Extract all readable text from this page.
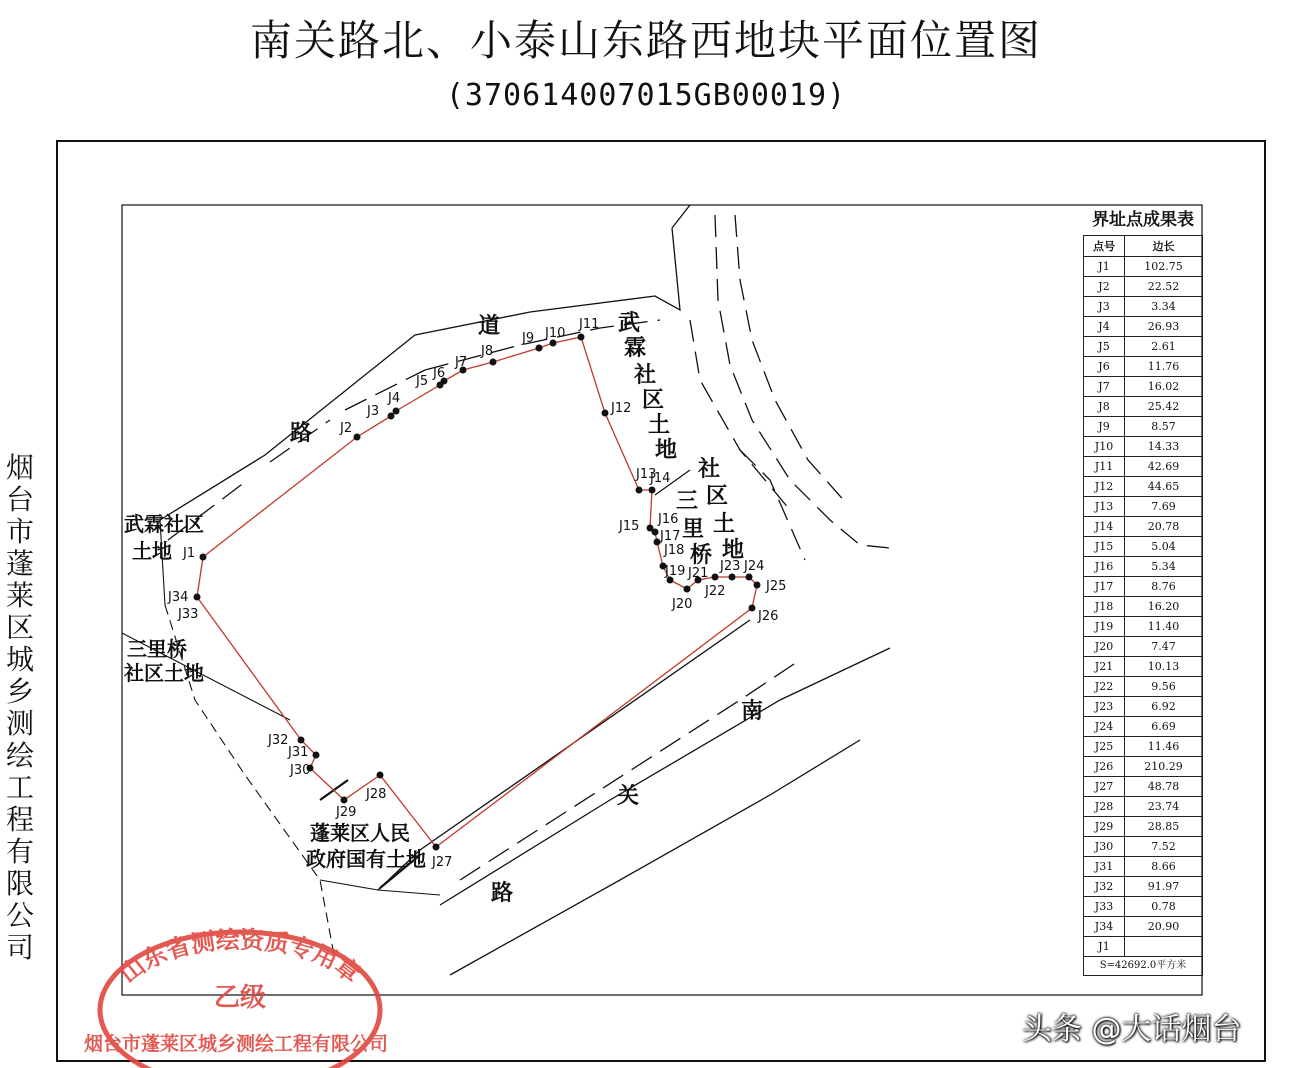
南关路北、小泰山东路西地块平面位置图
(370614007015GB00019)
烟台市蓬莱区城乡测绘工程有限公司
J1
J2
J3
J4
J5
J6
J7
J8
J9 J10
J11
J12
J13
J14
J15 J16
J17
J18
J19
J20
J21
J22
J23 J24
J25
J26
J27
J28
J29
J30
J31
J32
J33
J34
道
路
南
关
路
武霖社区
土地
武
霖
社
区
土
地
社
区
土
地
三
里
桥
三里桥
社区土地
蓬莱区人民
政府国有土地
山东省测绘资质专用章
乙级
烟台市蓬莱区城乡测绘工程有限公司
界址点成果表
点号	边长
J1	102.75
J2	22.52
J3	3.34
J4	26.93
J5	2.61
J6	11.76
J7	16.02
J8	25.42
J9	8.57
J10	14.33
J11	42.69
J12	44.65
J13	7.69
J14	20.78
J15	5.04
J16	5.34
J17	8.76
J18	16.20
J19	11.40
J20	7.47
J21	10.13
J22	9.56
J23	6.92
J24	6.69
J25	11.46
J26	210.29
J27	48.78
J28	23.74
J29	28.85
J30	7.52
J31	8.66
J32	91.97
J33	0.78
J34	20.90
J1	
S=42692.0平方米
头条 @大话烟台
